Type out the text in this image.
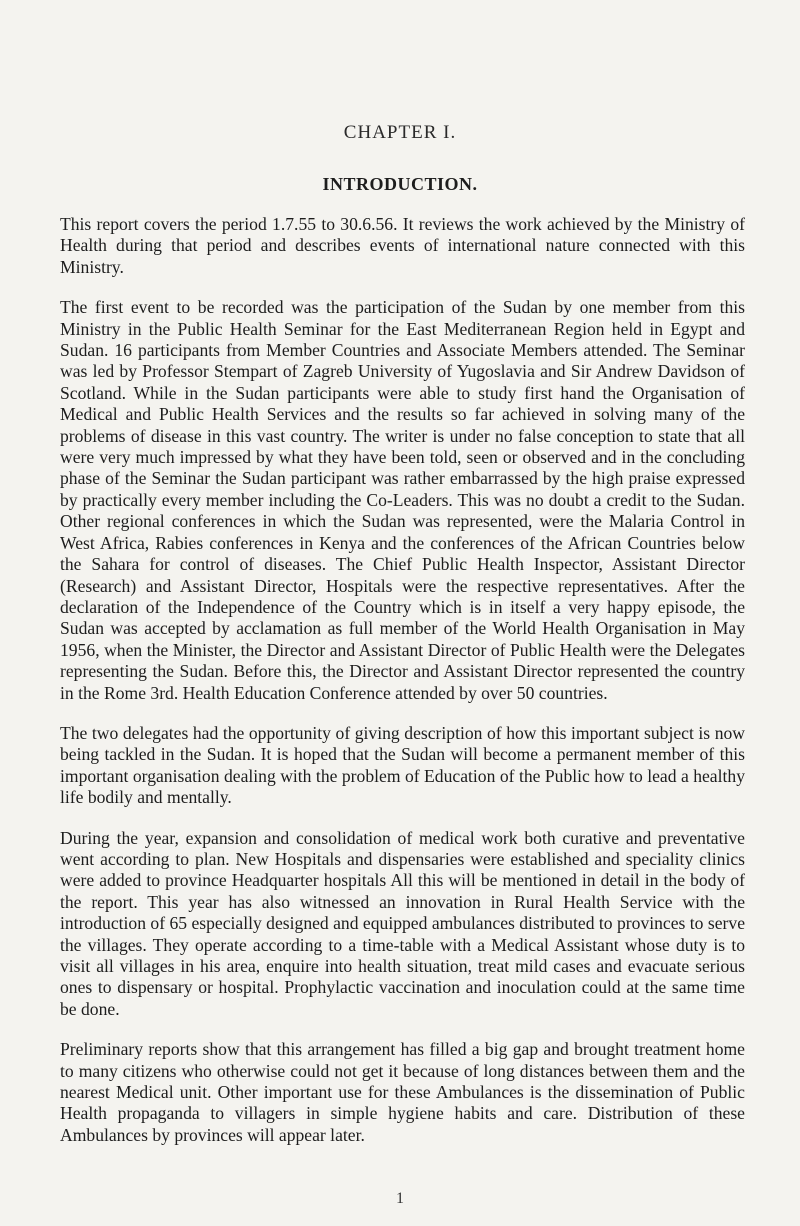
CHAPTER I.
INTRODUCTION.

This report covers the period 1.7.55 to 30.6.56. It reviews the work achieved by the Ministry of Health during that period and describes events of international nature connected with this Ministry.

The first event to be recorded was the participation of the Sudan by one member from this Ministry in the Public Health Seminar for the East Mediterranean Region held in Egypt and Sudan. 16 participants from Member Countries and Associate Members attended. The Seminar was led by Professor Stempart of Zagreb University of Yugoslavia and Sir Andrew Davidson of Scotland. While in the Sudan participants were able to study first hand the Organisation of Medical and Public Health Services and the results so far achieved in solving many of the problems of disease in this vast country. The writer is under no false conception to state that all were very much impressed by what they have been told, seen or observed and in the concluding phase of the Seminar the Sudan participant was rather embarrassed by the high praise expressed by practically every member including the Co-Leaders. This was no doubt a credit to the Sudan. Other regional conferences in which the Sudan was represented, were the Malaria Control in West Africa, Rabies conferences in Kenya and the conferences of the African Countries below the Sahara for control of diseases. The Chief Public Health Inspector, Assistant Director (Research) and Assistant Director, Hospitals were the respective representatives. After the declaration of the Independence of the Country which is in itself a very happy episode, the Sudan was accepted by acclamation as full member of the World Health Organisation in May 1956, when the Minister, the Director and Assistant Director of Public Health were the Delegates representing the Sudan. Before this, the Director and Assistant Director represented the country in the Rome 3rd. Health Education Conference attended by over 50 countries.

The two delegates had the opportunity of giving description of how this important subject is now being tackled in the Sudan. It is hoped that the Sudan will become a permanent member of this important organisation dealing with the problem of Education of the Public how to lead a healthy life bodily and mentally.

During the year, expansion and consolidation of medical work both curative and preventative went according to plan. New Hospitals and dispensaries were established and speciality clinics were added to province Headquarter hospitals All this will be mentioned in detail in the body of the report. This year has also witnessed an innovation in Rural Health Service with the introduction of 65 especially designed and equipped ambulances distributed to provinces to serve the villages. They operate according to a time-table with a Medical Assistant whose duty is to visit all villages in his area, enquire into health situation, treat mild cases and evacuate serious ones to dispensary or hospital. Prophylactic vaccination and inoculation could at the same time be done.

Preliminary reports show that this arrangement has filled a big gap and brought treatment home to many citizens who otherwise could not get it because of long distances between them and the nearest Medical unit. Other important use for these Ambulances is the dissemination of Public Health propaganda to villagers in simple hygiene habits and care. Distribution of these Ambulances by provinces will appear later.

1
